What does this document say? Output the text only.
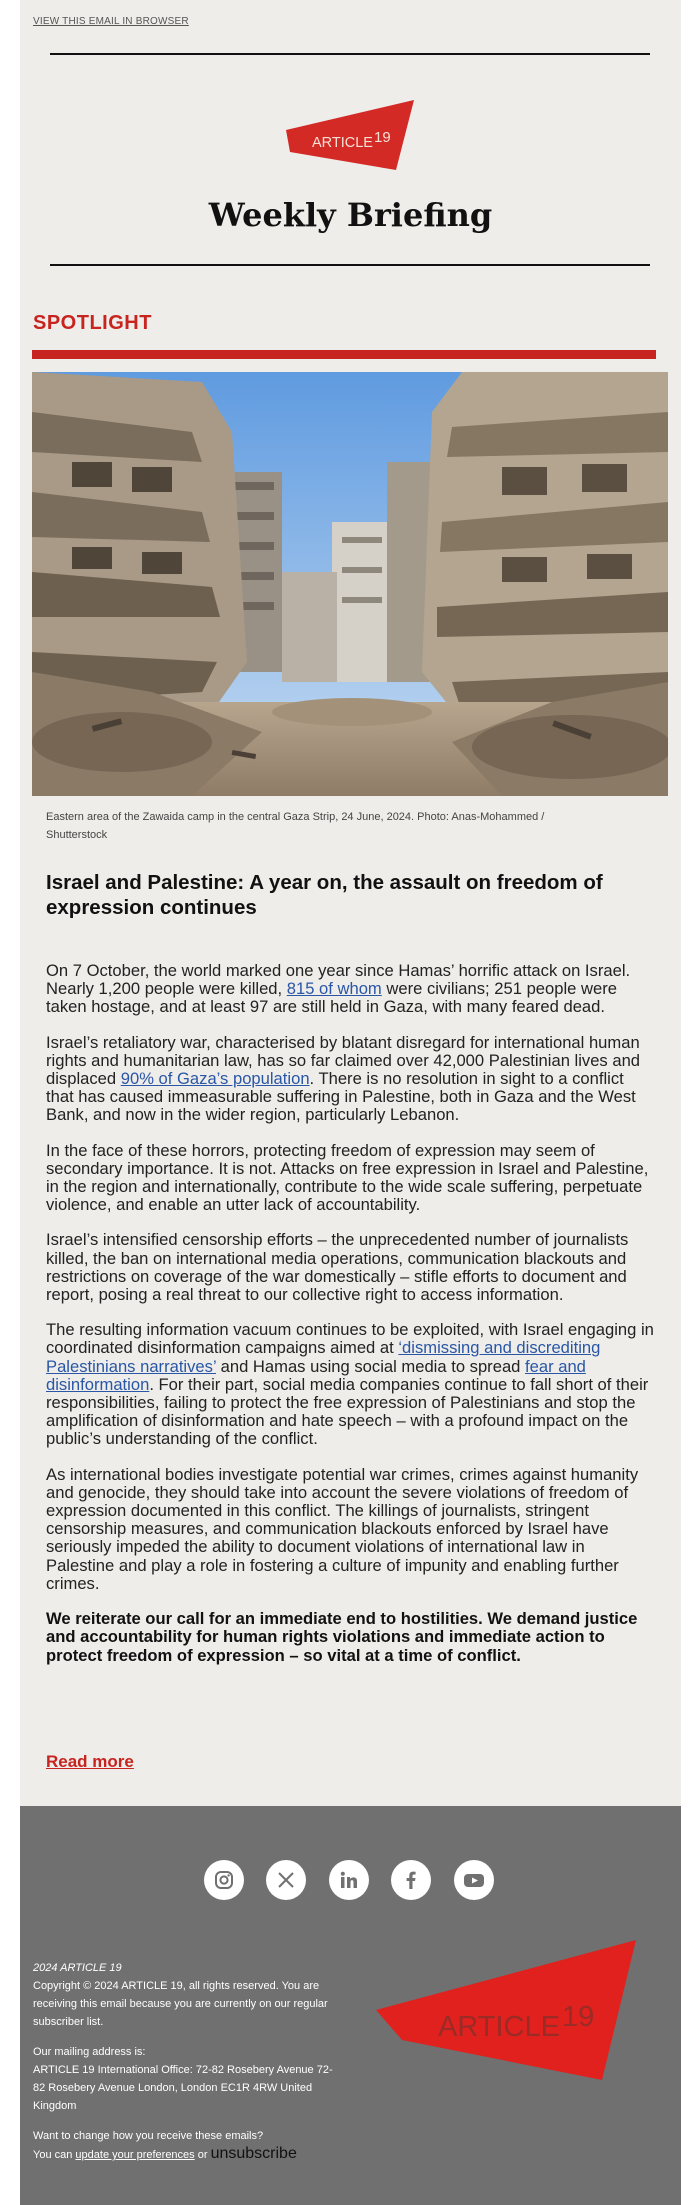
VIEW THIS EMAIL IN BROWSER
ARTICLE 19
Weekly Briefing
SPOTLIGHT
Eastern area of the Zawaida camp in the central Gaza Strip, 24 June, 2024. Photo: Anas-Mohammed / Shutterstock
Israel and Palestine: A year on, the assault on freedom of expression continues

On 7 October, the world marked one year since Hamas’ horrific attack on Israel. Nearly 1,200 people were killed, 815 of whom were civilians; 251 people were taken hostage, and at least 97 are still held in Gaza, with many feared dead.

Israel’s retaliatory war, characterised by blatant disregard for international human rights and humanitarian law, has so far claimed over 42,000 Palestinian lives and displaced 90% of Gaza’s population. There is no resolution in sight to a conflict that has caused immeasurable suffering in Palestine, both in Gaza and the West Bank, and now in the wider region, particularly Lebanon.

In the face of these horrors, protecting freedom of expression may seem of secondary importance. It is not. Attacks on free expression in Israel and Palestine, in the region and internationally, contribute to the wide scale suffering, perpetuate violence, and enable an utter lack of accountability.

Israel’s intensified censorship efforts – the unprecedented number of journalists killed, the ban on international media operations, communication blackouts and restrictions on coverage of the war domestically – stifle efforts to document and report, posing a real threat to our collective right to access information.

The resulting information vacuum continues to be exploited, with Israel engaging in coordinated disinformation campaigns aimed at ‘dismissing and discrediting Palestinians narratives’ and Hamas using social media to spread fear and disinformation. For their part, social media companies continue to fall short of their responsibilities, failing to protect the free expression of Palestinians and stop the amplification of disinformation and hate speech – with a profound impact on the public’s understanding of the conflict.

As international bodies investigate potential war crimes, crimes against humanity and genocide, they should take into account the severe violations of freedom of expression documented in this conflict. The killings of journalists, stringent censorship measures, and communication blackouts enforced by Israel have seriously impeded the ability to document violations of international law in Palestine and play a role in fostering a culture of impunity and enabling further crimes.

We reiterate our call for an immediate end to hostilities. We demand justice and accountability for human rights violations and immediate action to protect freedom of expression – so vital at a time of conflict.

Read more
2024 ARTICLE 19
Copyright © 2024 ARTICLE 19, all rights reserved. You are receiving this email because you are currently on our regular subscriber list.
Our mailing address is:
ARTICLE 19 International Office: 72-82 Rosebery Avenue 72-82 Rosebery Avenue London, London EC1R 4RW United Kingdom
Want to change how you receive these emails?
You can update your preferences or unsubscribe
ARTICLE 19
